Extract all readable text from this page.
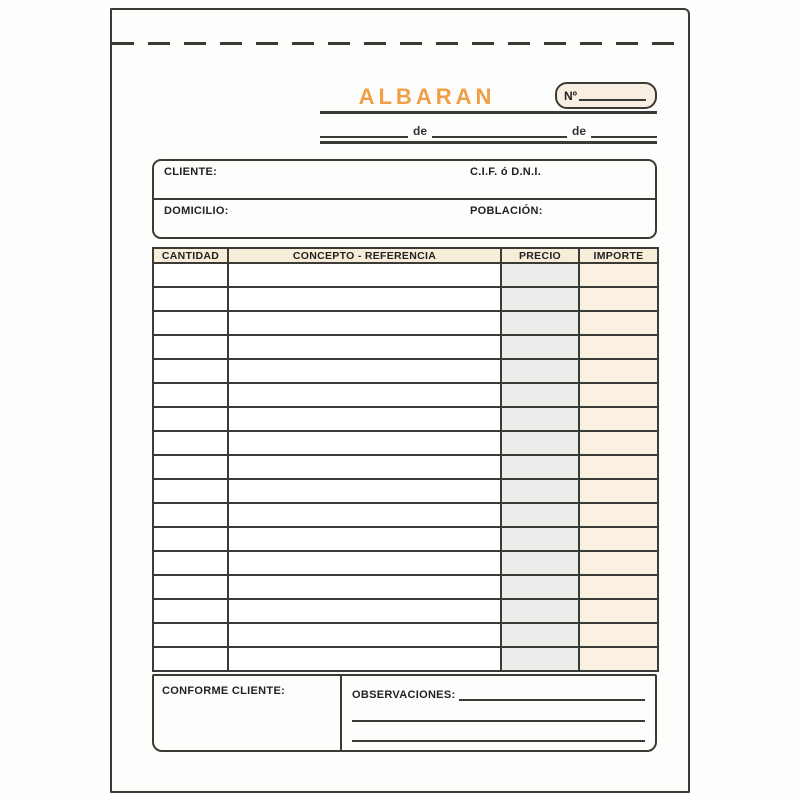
ALBARAN	Nº
de	de
CLIENTE:	C.I.F. ó D.N.I.
DOMICILIO:	POBLACIÓN:
CANTIDAD	CONCEPTO - REFERENCIA	PRECIO	IMPORTE

CONFORME CLIENTE:	OBSERVACIONES:
